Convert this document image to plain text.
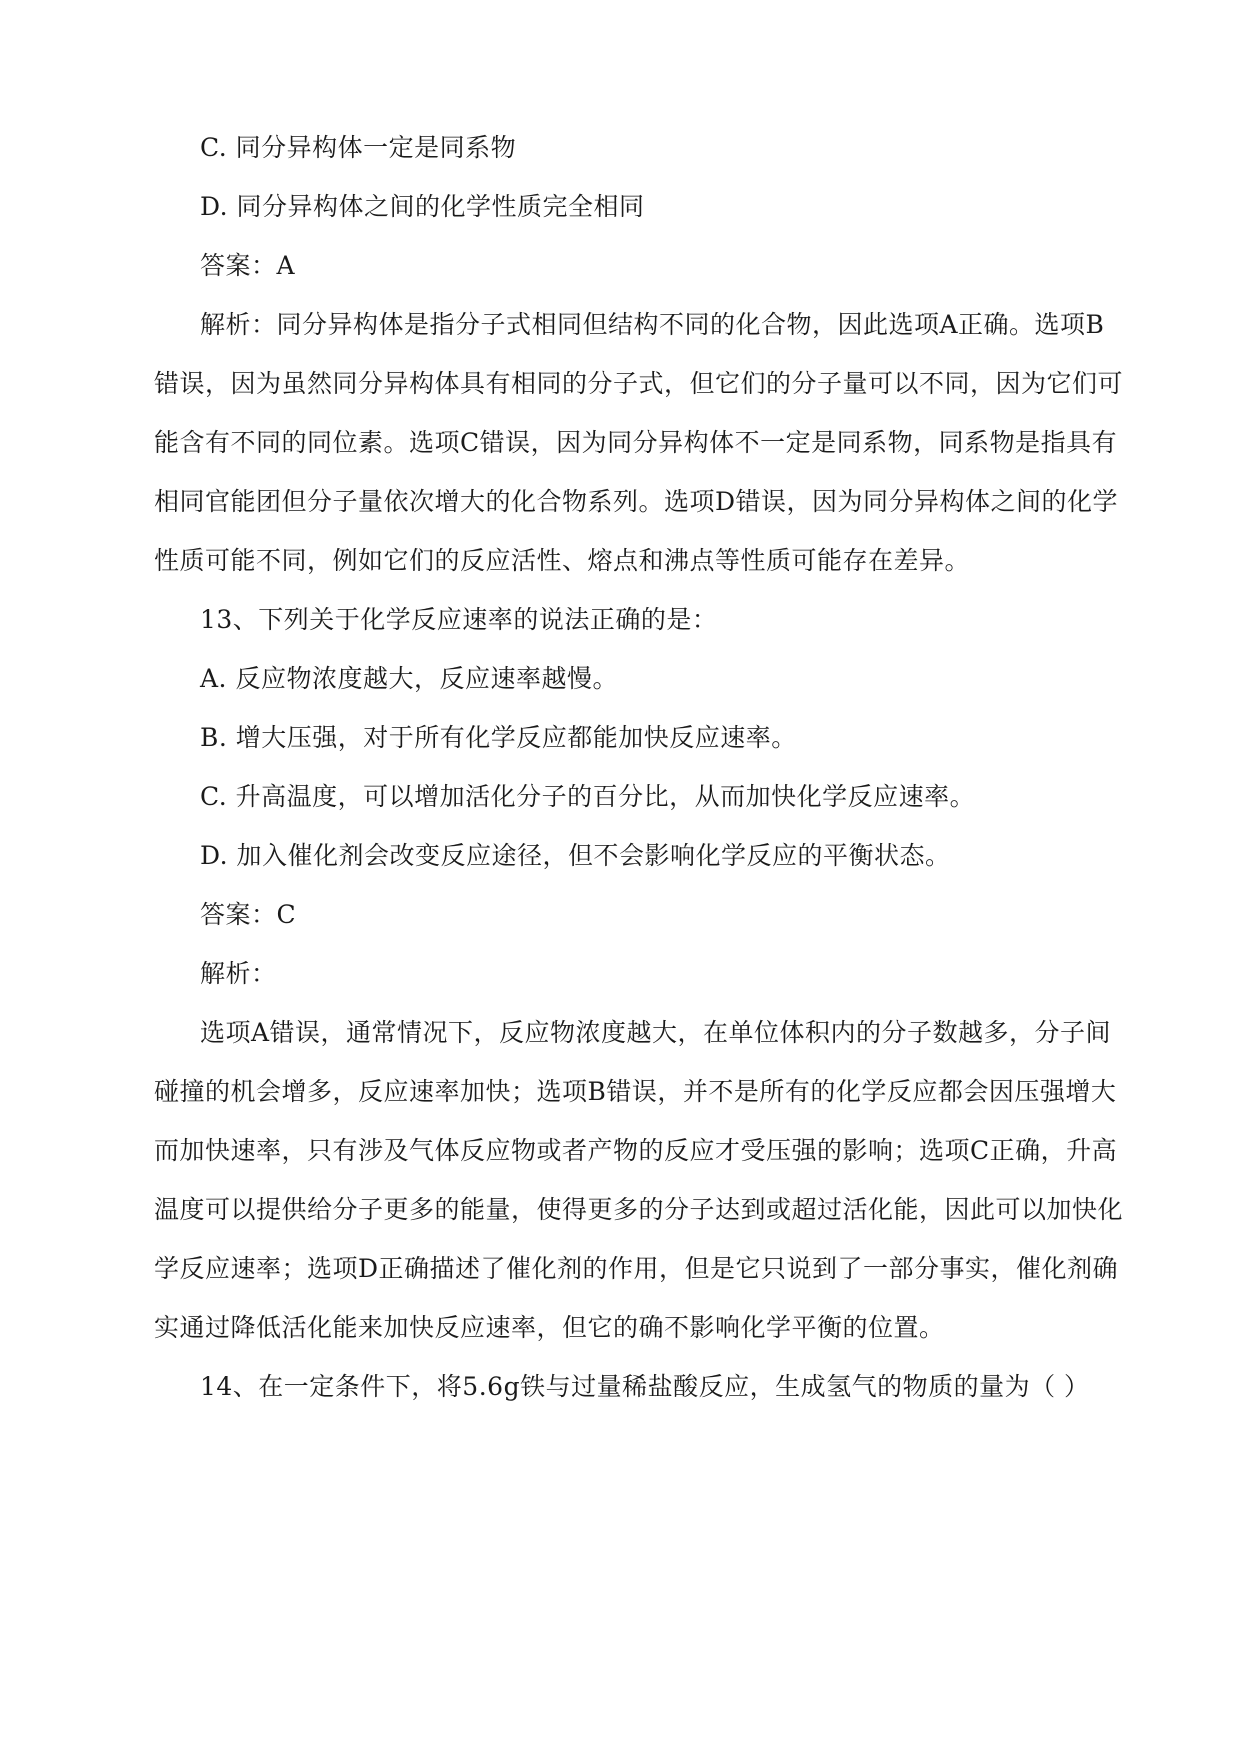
C. 同分异构体一定是同系物
D. 同分异构体之间的化学性质完全相同
答案：A
解析：同分异构体是指分子式相同但结构不同的化合物，因此选项A正确。选项B
错误，因为虽然同分异构体具有相同的分子式，但它们的分子量可以不同，因为它们可
能含有不同的同位素。选项C错误，因为同分异构体不一定是同系物，同系物是指具有
相同官能团但分子量依次增大的化合物系列。选项D错误，因为同分异构体之间的化学
性质可能不同，例如它们的反应活性、熔点和沸点等性质可能存在差异。
13、下列关于化学反应速率的说法正确的是：
A. 反应物浓度越大，反应速率越慢。
B. 增大压强，对于所有化学反应都能加快反应速率。
C. 升高温度，可以增加活化分子的百分比，从而加快化学反应速率。
D. 加入催化剂会改变反应途径，但不会影响化学反应的平衡状态。
答案：C
解析：
选项A错误，通常情况下，反应物浓度越大，在单位体积内的分子数越多，分子间
碰撞的机会增多，反应速率加快；选项B错误，并不是所有的化学反应都会因压强增大
而加快速率，只有涉及气体反应物或者产物的反应才受压强的影响；选项C正确，升高
温度可以提供给分子更多的能量，使得更多的分子达到或超过活化能，因此可以加快化
学反应速率；选项D正确描述了催化剂的作用，但是它只说到了一部分事实，催化剂确
实通过降低活化能来加快反应速率，但它的确不影响化学平衡的位置。
14、在一定条件下，将5.6g铁与过量稀盐酸反应，生成氢气的物质的量为（ ）
